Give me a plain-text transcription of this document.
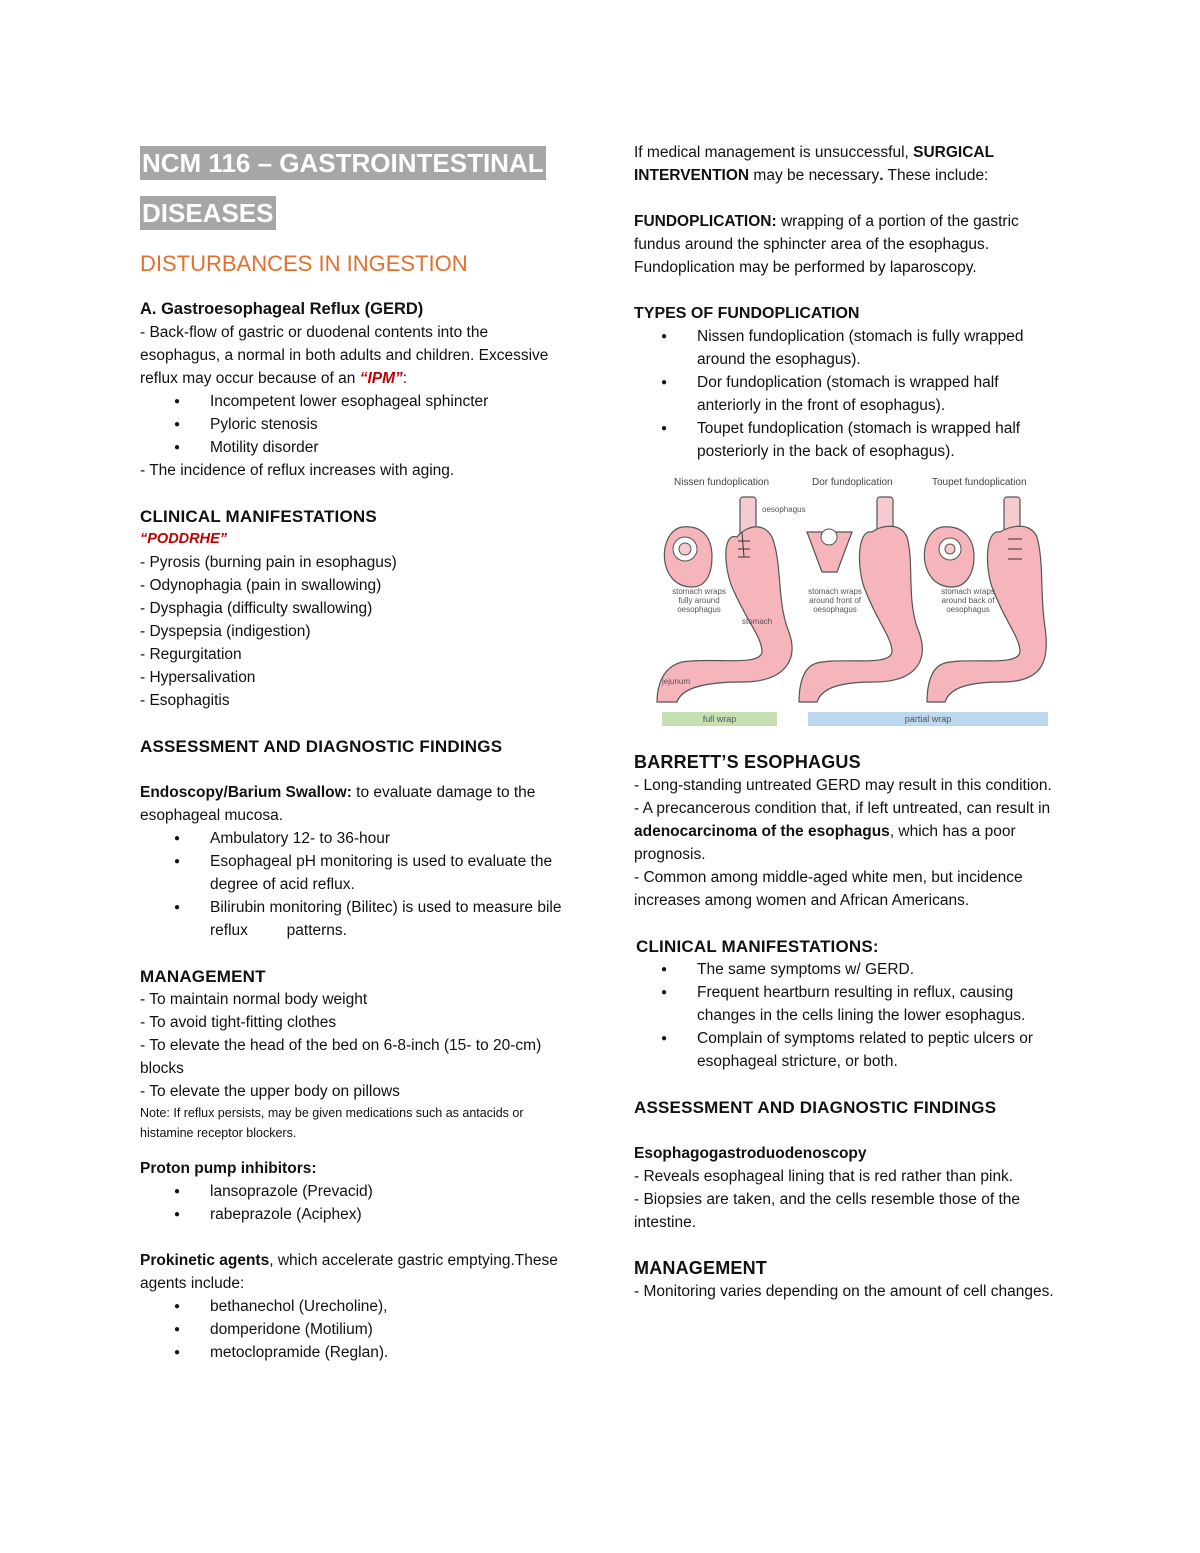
NCM 116 – GASTROINTESTINAL DISEASES
DISTURBANCES IN INGESTION

A. Gastroesophageal Reflux (GERD)

- Back-flow of gastric or duodenal contents into the esophagus, a normal in both adults and children. Excessive reflux may occur because of an “IPM”:

● Incompetent lower esophageal sphincter
● Pyloric stenosis
● Motility disorder

- The incidence of reflux increases with aging.

CLINICAL MANIFESTATIONS

“PODDRHE”

- Pyrosis (burning pain in esophagus)

- Odynophagia (pain in swallowing)

- Dysphagia (difficulty swallowing)

- Dyspepsia (indigestion)

- Regurgitation

- Hypersalivation

- Esophagitis

ASSESSMENT AND DIAGNOSTIC FINDINGS

Endoscopy/Barium Swallow: to evaluate damage to the esophageal mucosa.

● Ambulatory 12- to 36-hour
● Esophageal pH monitoring is used to evaluate the degree of acid reflux.
● Bilirubin monitoring (Bilitec) is used to measure bile reflux         patterns.

MANAGEMENT

- To maintain normal body weight

- To avoid tight-fitting clothes

- To elevate the head of the bed on 6-8-inch (15- to 20-cm) blocks

- To elevate the upper body on pillows

Note: If reflux persists, may be given medications such as antacids or histamine receptor blockers.

Proton pump inhibitors:

● lansoprazole (Prevacid)
● rabeprazole (Aciphex)

Prokinetic agents, which accelerate gastric emptying.These agents include:

● bethanechol (Urecholine),
● domperidone (Motilium)
● metoclopramide (Reglan).

If medical management is unsuccessful, SURGICAL INTERVENTION may be necessary. These include:

FUNDOPLICATION: wrapping of a portion of the gastric fundus around the sphincter area of the esophagus. Fundoplication may be performed by laparoscopy.

TYPES OF FUNDOPLICATION

● Nissen fundoplication (stomach is fully wrapped around the esophagus).
● Dor fundoplication (stomach is wrapped half anteriorly in the front of esophagus).
● Toupet fundoplication (stomach is wrapped half posteriorly in the back of esophagus).
Nissen fundoplication	Dor fundoplication	Toupet fundoplication
oesophagus
stomach wraps fully around oesophagus
stomach
stomach wraps around front of oesophagus
stomach wraps around back of oesophagus
jejunum
full wrap	partial wrap

BARRETT’S ESOPHAGUS

- Long-standing untreated GERD may result in this condition.

- A precancerous condition that, if left untreated, can result in adenocarcinoma of the esophagus, which has a poor prognosis.

- Common among middle-aged white men, but incidence increases among women and African Americans.

CLINICAL MANIFESTATIONS:

● The same symptoms w/ GERD.
● Frequent heartburn resulting in reflux, causing changes in the cells lining the lower esophagus.
● Complain of symptoms related to peptic ulcers or esophageal stricture, or both.

ASSESSMENT AND DIAGNOSTIC FINDINGS

Esophagogastroduodenoscopy

- Reveals esophageal lining that is red rather than pink.

- Biopsies are taken, and the cells resemble those of the intestine.

MANAGEMENT

- Monitoring varies depending on the amount of cell changes.
